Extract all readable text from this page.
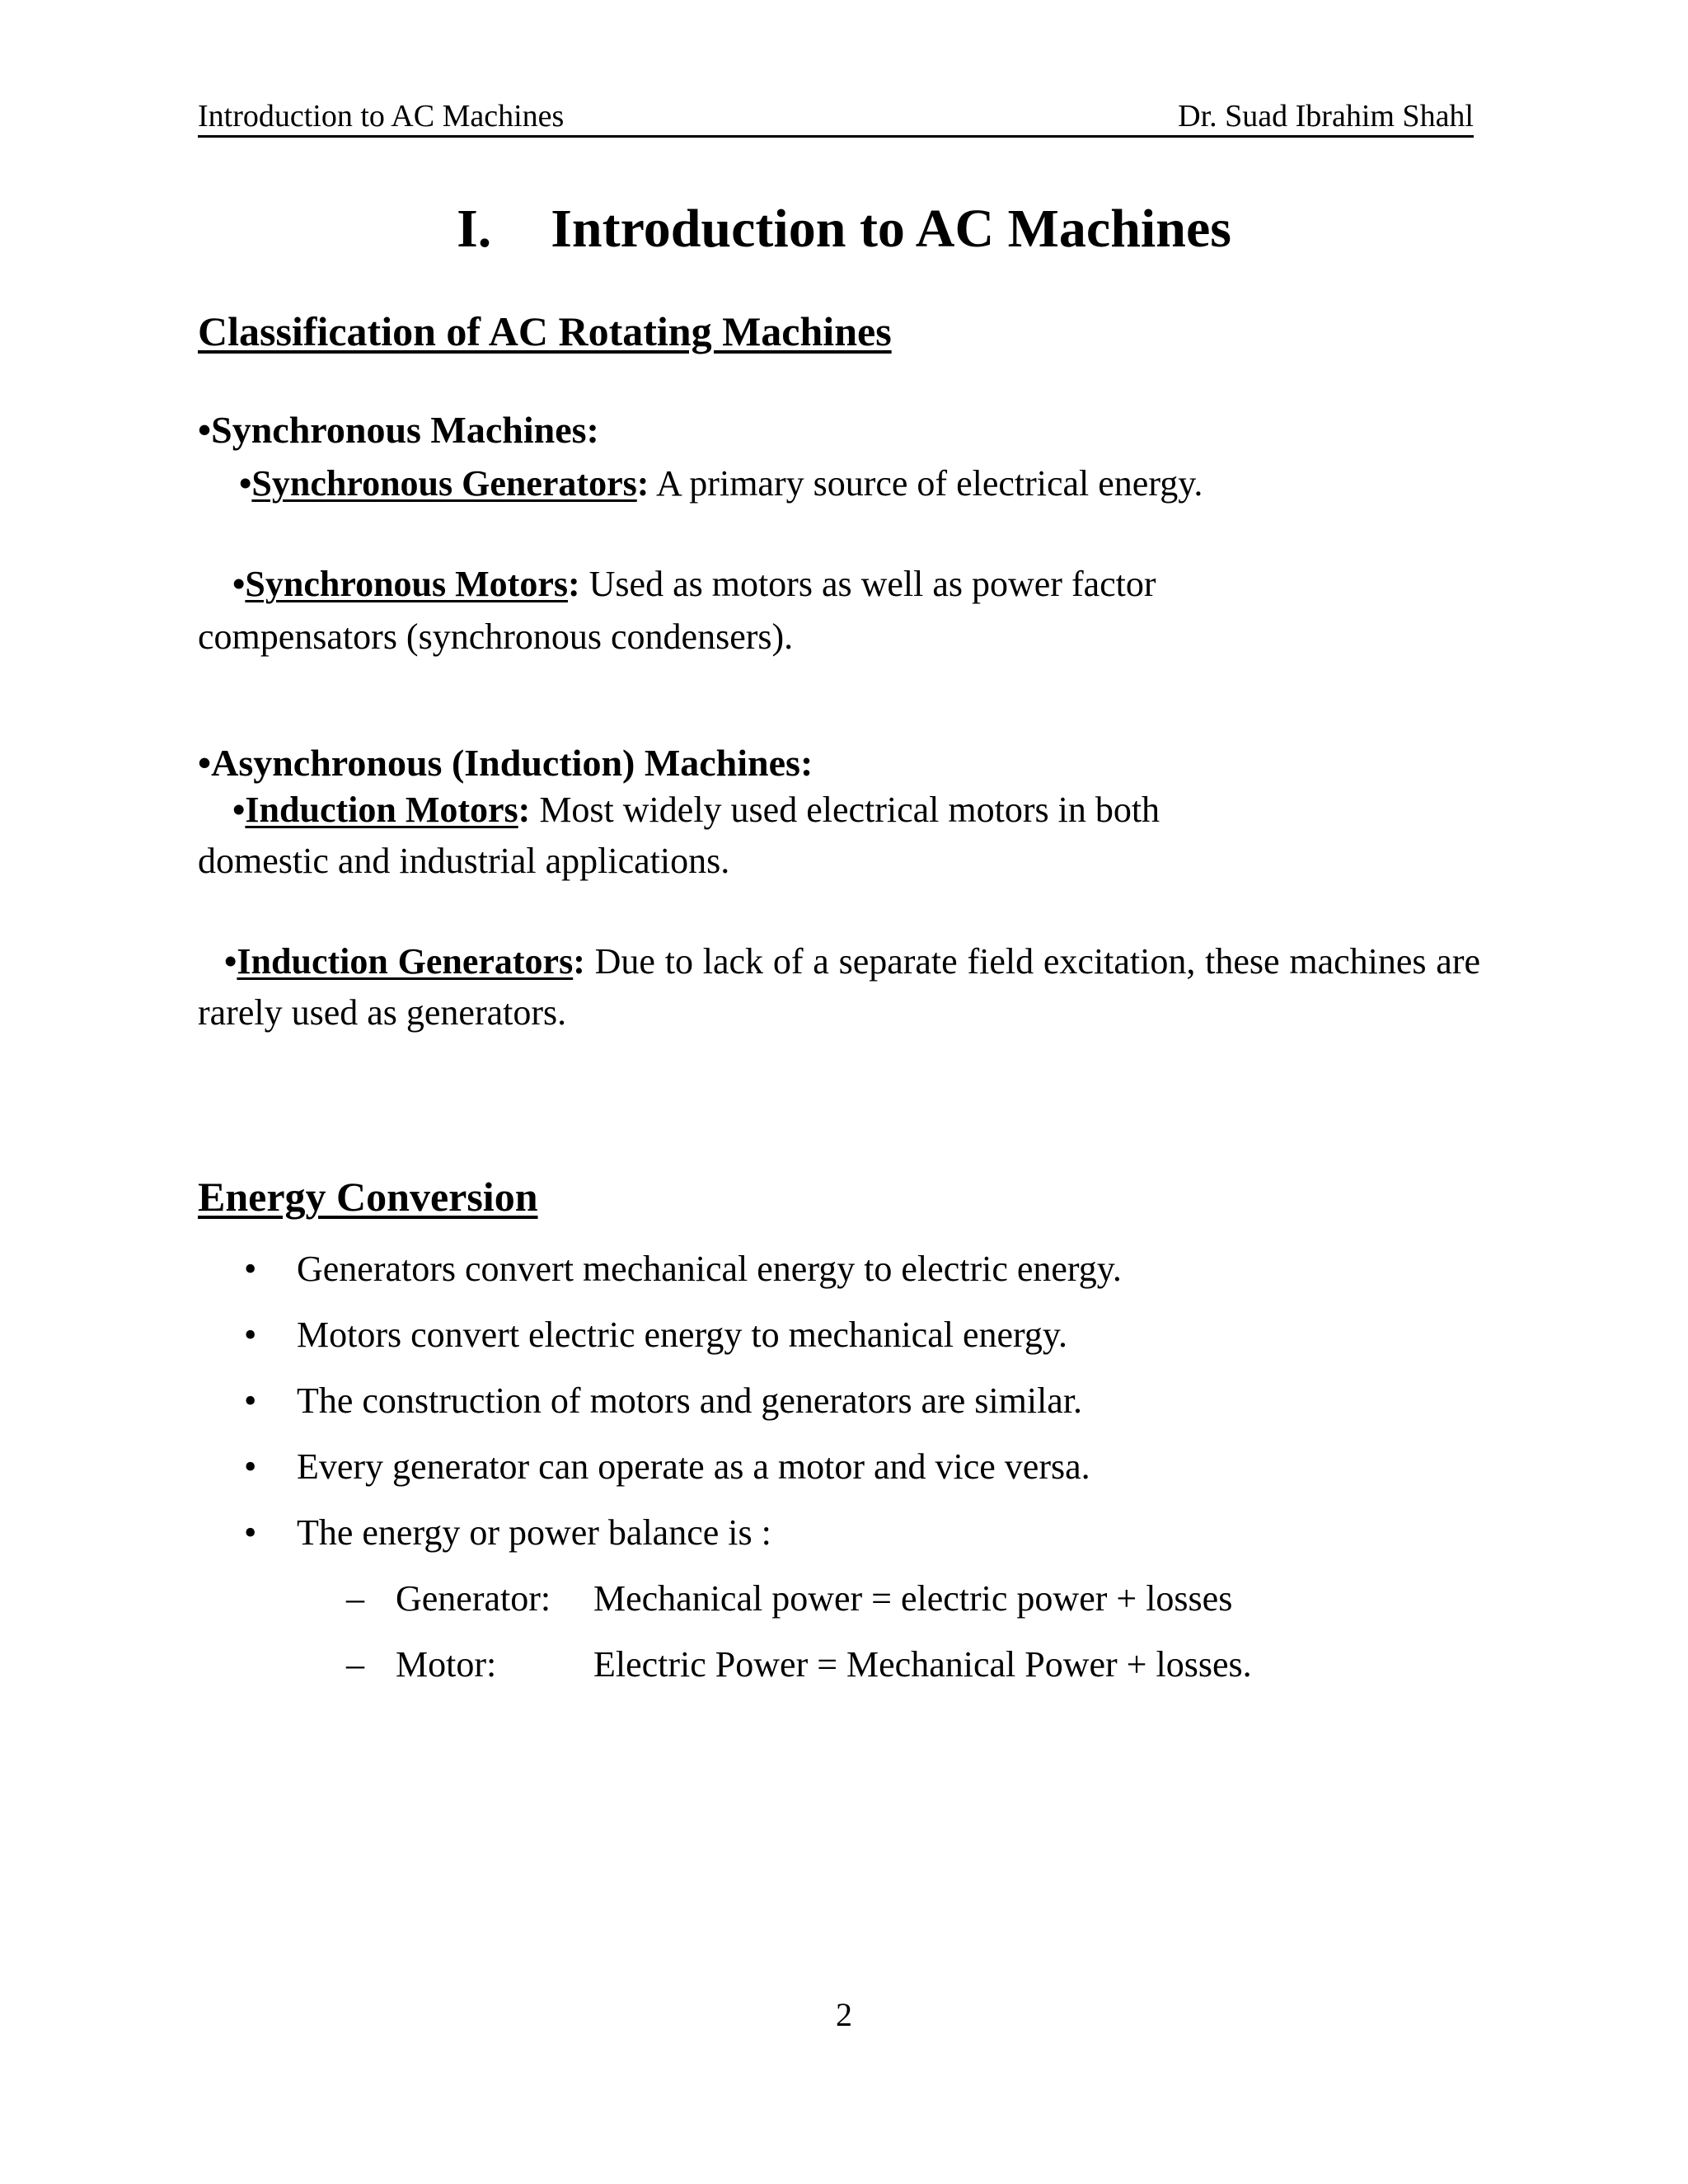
Introduction to AC Machines	Dr. Suad Ibrahim Shahl
I. Introduction to AC Machines
Classification of AC Rotating Machines
•Synchronous Machines:
•Synchronous Generators: A primary source of electrical energy.
•Synchronous Motors: Used as motors as well as power factor
compensators (synchronous condensers).
•Asynchronous (Induction) Machines:
•Induction Motors: Most widely used electrical motors in both
domestic and industrial applications.
•Induction Generators: Due to lack of a separate field excitation, these machines are rarely used as generators.
Energy Conversion
• Generators convert mechanical energy to electric energy.
• Motors convert electric energy to mechanical energy.
• The construction of motors and generators are similar.
• Every generator can operate as a motor and vice versa.
• The energy or power balance is :
– Generator: Mechanical power = electric power + losses
– Motor:	Electric Power = Mechanical Power + losses.
2
